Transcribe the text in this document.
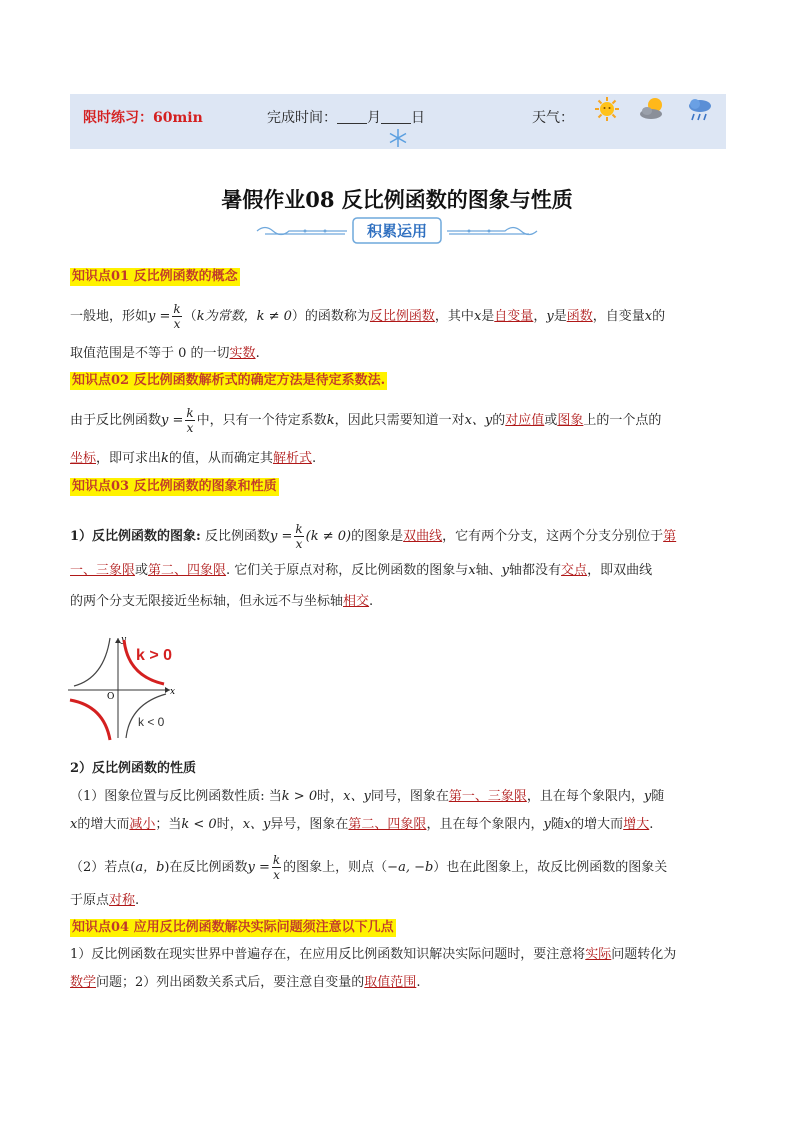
限时练习：60min	完成时间： 月 日	天气：
暑假作业08 反比例函数的图象与性质
积累运用
知识点01 反比例函数的概念
一般地，形如$y = \frac{k}{x} (k$为常数，k ≠ 0）的函数称为反比例函数，其中x是自变量，y是函数，自变量x的
取值范围是不等于 0 的一切实数.
知识点02 反比例函数解析式的确定方法是待定系数法.
由于反比例函数$y = \frac{k}{x}$ 中，只有一个待定系数k，因此只需要知道一对x、y的对应值或图象上的一个点的
坐标，即可求出k的值，从而确定其解析式.
知识点03 反比例函数的图象和性质
1）反比例函数的图象: 反比例函数$y = \frac{k}{x} (k \ne 0)$的图象是双曲线，它有两个分支，这两个分支分别位于第
一、三象限或第二、四象限. 它们关于原点对称，反比例函数的图象与x轴、y轴都没有交点，即双曲线
的两个分支无限接近坐标轴，但永远不与坐标轴相交.
y
x
O
k > 0
k < 0
2）反比例函数的性质
（1）图象位置与反比例函数性质: 当k > 0时，x、y同号，图象在第一、三象限，且在每个象限内，y随
x的增大而减小；当k < 0时，x、y异号，图象在第二、四象限，且在每个象限内，y随x的增大而增大.
（2）若点(a，b)在反比例函数$y = \frac{k}{x}$ 的图象上，则点（−a, −b）也在此图象上，故反比例函数的图象关
于原点对称.
知识点04 应用反比例函数解决实际问题须注意以下几点
1）反比例函数在现实世界中普遍存在，在应用反比例函数知识解决实际问题时，要注意将实际问题转化为
数学问题；2）列出函数关系式后，要注意自变量的取值范围.
